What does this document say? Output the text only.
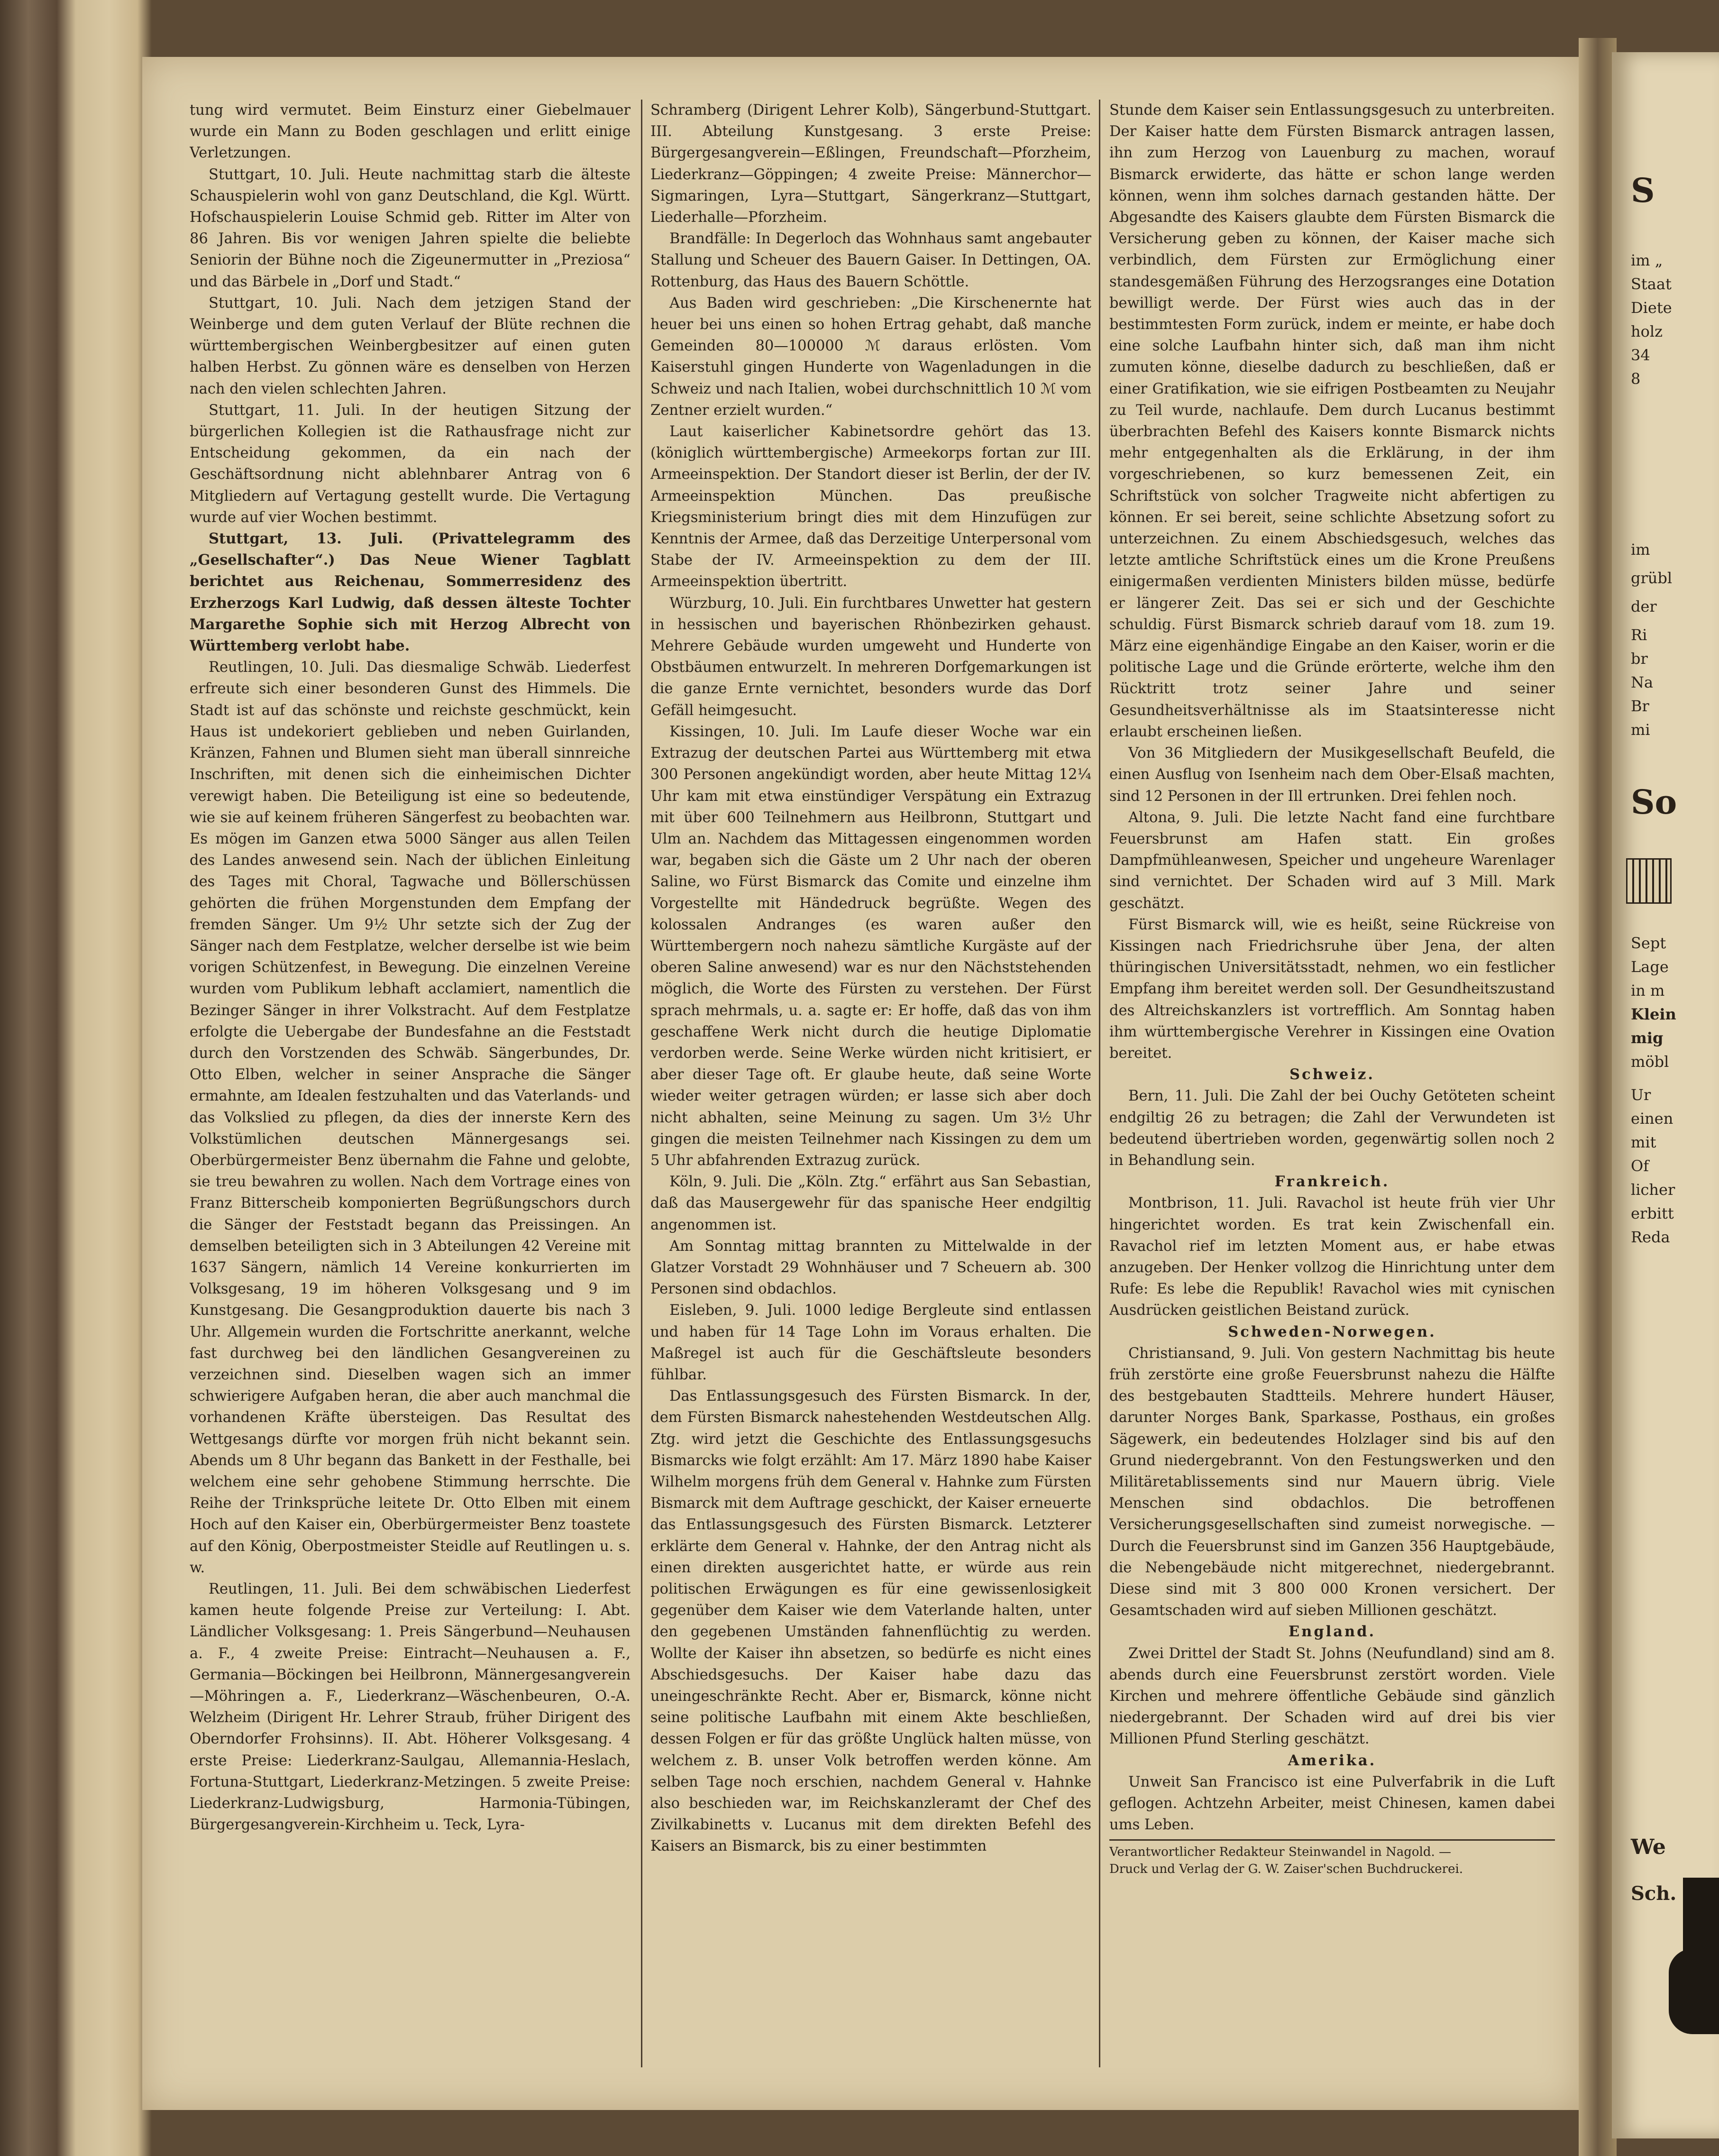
tung wird vermutet. Beim Einsturz einer Giebelmauer wurde ein Mann zu Boden geschlagen und erlitt einige Verletzungen.

Stuttgart, 10. Juli. Heute nachmittag starb die älteste Schauspielerin wohl von ganz Deutschland, die Kgl. Württ. Hofschauspielerin Louise Schmid geb. Ritter im Alter von 86 Jahren. Bis vor wenigen Jahren spielte die beliebte Seniorin der Bühne noch die Zigeunermutter in „Preziosa“ und das Bärbele in „Dorf und Stadt.“

Stuttgart, 10. Juli. Nach dem jetzigen Stand der Weinberge und dem guten Verlauf der Blüte rechnen die württembergischen Weinbergbesitzer auf einen guten halben Herbst. Zu gönnen wäre es denselben von Herzen nach den vielen schlechten Jahren.

Stuttgart, 11. Juli. In der heutigen Sitzung der bürgerlichen Kollegien ist die Rathausfrage nicht zur Entscheidung gekommen, da ein nach der Geschäftsordnung nicht ablehnbarer Antrag von 6 Mitgliedern auf Vertagung gestellt wurde. Die Vertagung wurde auf vier Wochen bestimmt.

Stuttgart, 13. Juli. (Privattelegramm des „Gesellschafter“.) Das Neue Wiener Tagblatt berichtet aus Reichenau, Sommerresidenz des Erzherzogs Karl Ludwig, daß dessen älteste Tochter Margarethe Sophie sich mit Herzog Albrecht von Württemberg verlobt habe.

Reutlingen, 10. Juli. Das diesmalige Schwäb. Liederfest erfreute sich einer besonderen Gunst des Himmels. Die Stadt ist auf das schönste und reichste geschmückt, kein Haus ist undekoriert geblieben und neben Guirlanden, Kränzen, Fahnen und Blumen sieht man überall sinnreiche Inschriften, mit denen sich die einheimischen Dichter verewigt haben. Die Beteiligung ist eine so bedeutende, wie sie auf keinem früheren Sängerfest zu beobachten war. Es mögen im Ganzen etwa 5000 Sänger aus allen Teilen des Landes anwesend sein. Nach der üblichen Einleitung des Tages mit Choral, Tagwache und Böllerschüssen gehörten die frühen Morgenstunden dem Empfang der fremden Sänger. Um 9½ Uhr setzte sich der Zug der Sänger nach dem Festplatze, welcher derselbe ist wie beim vorigen Schützenfest, in Bewegung. Die einzelnen Vereine wurden vom Publikum lebhaft acclamiert, namentlich die Bezinger Sänger in ihrer Volkstracht. Auf dem Festplatze erfolgte die Uebergabe der Bundesfahne an die Feststadt durch den Vorstzenden des Schwäb. Sängerbundes, Dr. Otto Elben, welcher in seiner Ansprache die Sänger ermahnte, am Idealen festzuhalten und das Vaterlands- und das Volkslied zu pflegen, da dies der innerste Kern des Volkstümlichen deutschen Männergesangs sei. Oberbürgermeister Benz übernahm die Fahne und gelobte, sie treu bewahren zu wollen. Nach dem Vortrage eines von Franz Bitterscheib komponierten Begrüßungschors durch die Sänger der Feststadt begann das Preissingen. An demselben beteiligten sich in 3 Abteilungen 42 Vereine mit 1637 Sängern, nämlich 14 Vereine konkurrierten im Volksgesang, 19 im höheren Volksgesang und 9 im Kunstgesang. Die Gesangproduktion dauerte bis nach 3 Uhr. Allgemein wurden die Fortschritte anerkannt, welche fast durchweg bei den ländlichen Gesangvereinen zu verzeichnen sind. Dieselben wagen sich an immer schwierigere Aufgaben heran, die aber auch manchmal die vorhandenen Kräfte übersteigen. Das Resultat des Wettgesangs dürfte vor morgen früh nicht bekannt sein. Abends um 8 Uhr begann das Bankett in der Festhalle, bei welchem eine sehr gehobene Stimmung herrschte. Die Reihe der Trinksprüche leitete Dr. Otto Elben mit einem Hoch auf den Kaiser ein, Oberbürgermeister Benz toastete auf den König, Oberpostmeister Steidle auf Reutlingen u. s. w.

Reutlingen, 11. Juli. Bei dem schwäbischen Liederfest kamen heute folgende Preise zur Verteilung: I. Abt. Ländlicher Volksgesang: 1. Preis Sängerbund—Neuhausen a. F., 4 zweite Preise: Eintracht—Neuhausen a. F., Germania—Böckingen bei Heilbronn, Männergesangverein—Möhringen a. F., Liederkranz—Wäschenbeuren, O.-A. Welzheim (Dirigent Hr. Lehrer Straub, früher Dirigent des Oberndorfer Frohsinns). II. Abt. Höherer Volksgesang. 4 erste Preise: Liederkranz-Saulgau, Allemannia-Heslach, Fortuna-Stuttgart, Liederkranz-Metzingen. 5 zweite Preise: Liederkranz-Ludwigsburg, Harmonia-Tübingen, Bürgergesangverein-Kirchheim u. Teck, Lyra-

Schramberg (Dirigent Lehrer Kolb), Sängerbund-Stuttgart. III. Abteilung Kunstgesang. 3 erste Preise: Bürgergesangverein—Eßlingen, Freundschaft—Pforzheim, Liederkranz—Göppingen; 4 zweite Preise: Männerchor—Sigmaringen, Lyra—Stuttgart, Sängerkranz—Stuttgart, Liederhalle—Pforzheim.

Brandfälle: In Degerloch das Wohnhaus samt angebauter Stallung und Scheuer des Bauern Gaiser. In Dettingen, OA. Rottenburg, das Haus des Bauern Schöttle.

Aus Baden wird geschrieben: „Die Kirschenernte hat heuer bei uns einen so hohen Ertrag gehabt, daß manche Gemeinden 80—100000 ℳ daraus erlösten. Vom Kaiserstuhl gingen Hunderte von Wagenladungen in die Schweiz und nach Italien, wobei durchschnittlich 10 ℳ vom Zentner erzielt wurden.“

Laut kaiserlicher Kabinetsordre gehört das 13. (königlich württembergische) Armeekorps fortan zur III. Armeeinspektion. Der Standort dieser ist Berlin, der der IV. Armeeinspektion München. Das preußische Kriegsministerium bringt dies mit dem Hinzufügen zur Kenntnis der Armee, daß das Derzeitige Unterpersonal vom Stabe der IV. Armeeinspektion zu dem der III. Armeeinspektion übertritt.

Würzburg, 10. Juli. Ein furchtbares Unwetter hat gestern in hessischen und bayerischen Rhönbezirken gehaust. Mehrere Gebäude wurden umgeweht und Hunderte von Obstbäumen entwurzelt. In mehreren Dorfgemarkungen ist die ganze Ernte vernichtet, besonders wurde das Dorf Gefäll heimgesucht.

Kissingen, 10. Juli. Im Laufe dieser Woche war ein Extrazug der deutschen Partei aus Württemberg mit etwa 300 Personen angekündigt worden, aber heute Mittag 12¼ Uhr kam mit etwa einstündiger Verspätung ein Extrazug mit über 600 Teilnehmern aus Heilbronn, Stuttgart und Ulm an. Nachdem das Mittagessen eingenommen worden war, begaben sich die Gäste um 2 Uhr nach der oberen Saline, wo Fürst Bismarck das Comite und einzelne ihm Vorgestellte mit Händedruck begrüßte. Wegen des kolossalen Andranges (es waren außer den Württembergern noch nahezu sämtliche Kurgäste auf der oberen Saline anwesend) war es nur den Nächststehenden möglich, die Worte des Fürsten zu verstehen. Der Fürst sprach mehrmals, u. a. sagte er: Er hoffe, daß das von ihm geschaffene Werk nicht durch die heutige Diplomatie verdorben werde. Seine Werke würden nicht kritisiert, er aber dieser Tage oft. Er glaube heute, daß seine Worte wieder weiter getragen würden; er lasse sich aber doch nicht abhalten, seine Meinung zu sagen. Um 3½ Uhr gingen die meisten Teilnehmer nach Kissingen zu dem um 5 Uhr abfahrenden Extrazug zurück.

Köln, 9. Juli. Die „Köln. Ztg.“ erfährt aus San Sebastian, daß das Mausergewehr für das spanische Heer endgiltig angenommen ist.

Am Sonntag mittag brannten zu Mittelwalde in der Glatzer Vorstadt 29 Wohnhäuser und 7 Scheuern ab. 300 Personen sind obdachlos.

Eisleben, 9. Juli. 1000 ledige Bergleute sind entlassen und haben für 14 Tage Lohn im Voraus erhalten. Die Maßregel ist auch für die Geschäftsleute besonders fühlbar.

Das Entlassungsgesuch des Fürsten Bismarck. In der, dem Fürsten Bismarck nahestehenden Westdeutschen Allg. Ztg. wird jetzt die Geschichte des Entlassungsgesuchs Bismarcks wie folgt erzählt: Am 17. März 1890 habe Kaiser Wilhelm morgens früh dem General v. Hahnke zum Fürsten Bismarck mit dem Auftrage geschickt, der Kaiser erneuerte das Entlassungsgesuch des Fürsten Bismarck. Letzterer erklärte dem General v. Hahnke, der den Antrag nicht als einen direkten ausgerichtet hatte, er würde aus rein politischen Erwägungen es für eine gewissenlosigkeit gegenüber dem Kaiser wie dem Vaterlande halten, unter den gegebenen Umständen fahnenflüchtig zu werden. Wollte der Kaiser ihn absetzen, so bedürfe es nicht eines Abschiedsgesuchs. Der Kaiser habe dazu das uneingeschränkte Recht. Aber er, Bismarck, könne nicht seine politische Laufbahn mit einem Akte beschließen, dessen Folgen er für das größte Unglück halten müsse, von welchem z. B. unser Volk betroffen werden könne. Am selben Tage noch erschien, nachdem General v. Hahnke also beschieden war, im Reichskanzleramt der Chef des Zivilkabinetts v. Lucanus mit dem direkten Befehl des Kaisers an Bismarck, bis zu einer bestimmten

Stunde dem Kaiser sein Entlassungsgesuch zu unterbreiten. Der Kaiser hatte dem Fürsten Bismarck antragen lassen, ihn zum Herzog von Lauenburg zu machen, worauf Bismarck erwiderte, das hätte er schon lange werden können, wenn ihm solches darnach gestanden hätte. Der Abgesandte des Kaisers glaubte dem Fürsten Bismarck die Versicherung geben zu können, der Kaiser mache sich verbindlich, dem Fürsten zur Ermöglichung einer standesgemäßen Führung des Herzogsranges eine Dotation bewilligt werde. Der Fürst wies auch das in der bestimmtesten Form zurück, indem er meinte, er habe doch eine solche Laufbahn hinter sich, daß man ihm nicht zumuten könne, dieselbe dadurch zu beschließen, daß er einer Gratifikation, wie sie eifrigen Postbeamten zu Neujahr zu Teil wurde, nachlaufe. Dem durch Lucanus bestimmt überbrachten Befehl des Kaisers konnte Bismarck nichts mehr entgegenhalten als die Erklärung, in der ihm vorgeschriebenen, so kurz bemessenen Zeit, ein Schriftstück von solcher Tragweite nicht abfertigen zu können. Er sei bereit, seine schlichte Absetzung sofort zu unterzeichnen. Zu einem Abschiedsgesuch, welches das letzte amtliche Schriftstück eines um die Krone Preußens einigermaßen verdienten Ministers bilden müsse, bedürfe er längerer Zeit. Das sei er sich und der Geschichte schuldig. Fürst Bismarck schrieb darauf vom 18. zum 19. März eine eigenhändige Eingabe an den Kaiser, worin er die politische Lage und die Gründe erörterte, welche ihm den Rücktritt trotz seiner Jahre und seiner Gesundheitsverhältnisse als im Staatsinteresse nicht erlaubt erscheinen ließen.

Von 36 Mitgliedern der Musikgesellschaft Beufeld, die einen Ausflug von Isenheim nach dem Ober-Elsaß machten, sind 12 Personen in der Ill ertrunken. Drei fehlen noch.

Altona, 9. Juli. Die letzte Nacht fand eine furchtbare Feuersbrunst am Hafen statt. Ein großes Dampfmühleanwesen, Speicher und ungeheure Warenlager sind vernichtet. Der Schaden wird auf 3 Mill. Mark geschätzt.

Fürst Bismarck will, wie es heißt, seine Rückreise von Kissingen nach Friedrichsruhe über Jena, der alten thüringischen Universitätsstadt, nehmen, wo ein festlicher Empfang ihm bereitet werden soll. Der Gesundheitszustand des Altreichskanzlers ist vortrefflich. Am Sonntag haben ihm württembergische Verehrer in Kissingen eine Ovation bereitet.

Schweiz.

Bern, 11. Juli. Die Zahl der bei Ouchy Getöteten scheint endgiltig 26 zu betragen; die Zahl der Verwundeten ist bedeutend übertrieben worden, gegenwärtig sollen noch 2 in Behandlung sein.

Frankreich.

Montbrison, 11. Juli. Ravachol ist heute früh vier Uhr hingerichtet worden. Es trat kein Zwischenfall ein. Ravachol rief im letzten Moment aus, er habe etwas anzugeben. Der Henker vollzog die Hinrichtung unter dem Rufe: Es lebe die Republik! Ravachol wies mit cynischen Ausdrücken geistlichen Beistand zurück.

Schweden-Norwegen.

Christiansand, 9. Juli. Von gestern Nachmittag bis heute früh zerstörte eine große Feuersbrunst nahezu die Hälfte des bestgebauten Stadtteils. Mehrere hundert Häuser, darunter Norges Bank, Sparkasse, Posthaus, ein großes Sägewerk, ein bedeutendes Holzlager sind bis auf den Grund niedergebrannt. Von den Festungswerken und den Militäretablissements sind nur Mauern übrig. Viele Menschen sind obdachlos. Die betroffenen Versicherungsgesellschaften sind zumeist norwegische. — Durch die Feuersbrunst sind im Ganzen 356 Hauptgebäude, die Nebengebäude nicht mitgerechnet, niedergebrannt. Diese sind mit 3 800 000 Kronen versichert. Der Gesamtschaden wird auf sieben Millionen geschätzt.

England.

Zwei Drittel der Stadt St. Johns (Neufundland) sind am 8. abends durch eine Feuersbrunst zerstört worden. Viele Kirchen und mehrere öffentliche Gebäude sind gänzlich niedergebrannt. Der Schaden wird auf drei bis vier Millionen Pfund Sterling geschätzt.

Amerika.

Unweit San Francisco ist eine Pulverfabrik in die Luft geflogen. Achtzehn Arbeiter, meist Chinesen, kamen dabei ums Leben.

Verantwortlicher Redakteur Steinwandel in Nagold. —
Druck und Verlag der G. W. Zaiser'schen Buchdruckerei.
S
im „
Staat
Diete
holz
34
8
im
grübl
der
Ri
br
Na
Br
mi
So
Sept
Lage
in m
Klein
mig
möbl
Ur
einen
mit
Of
licher
erbitt
Reda
We
Sch.
